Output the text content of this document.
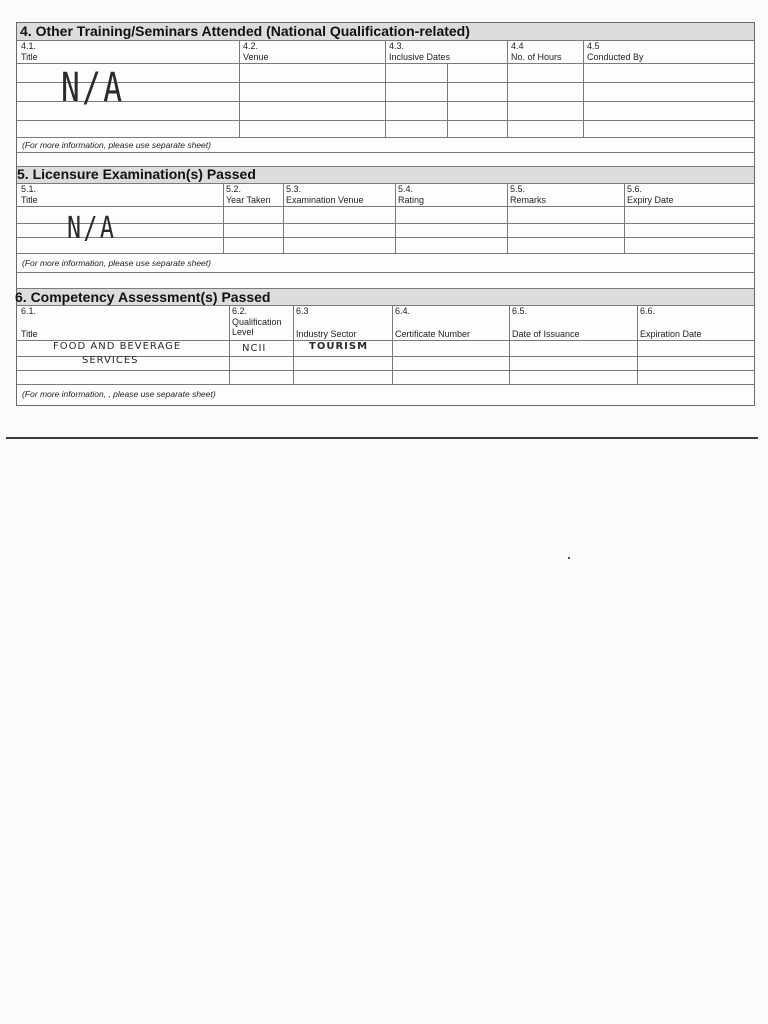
4. Other Training/Seminars Attended (National Qualification-related)
4.1.
Title
4.2.
Venue
4.3.
Inclusive Dates
4.4
No. of Hours
4.5
Conducted By
N/A
(For more information, please use separate sheet)
5. Licensure Examination(s) Passed
5.1.
Title
5.2.
Year Taken
5.3.
Examination Venue
5.4.
Rating
5.5.
Remarks
5.6.
Expiry Date
N/A
(For more information, please use separate sheet)
6. Competency Assessment(s) Passed
6.1.
Title
6.2.
Qualification Level
6.3
Industry Sector
6.4.
Certificate Number
6.5.
Date of Issuance
6.6.
Expiration Date
FOOD AND BEVERAGE
SERVICES
NCII	TOURISM
(For more information, , please use separate sheet)
